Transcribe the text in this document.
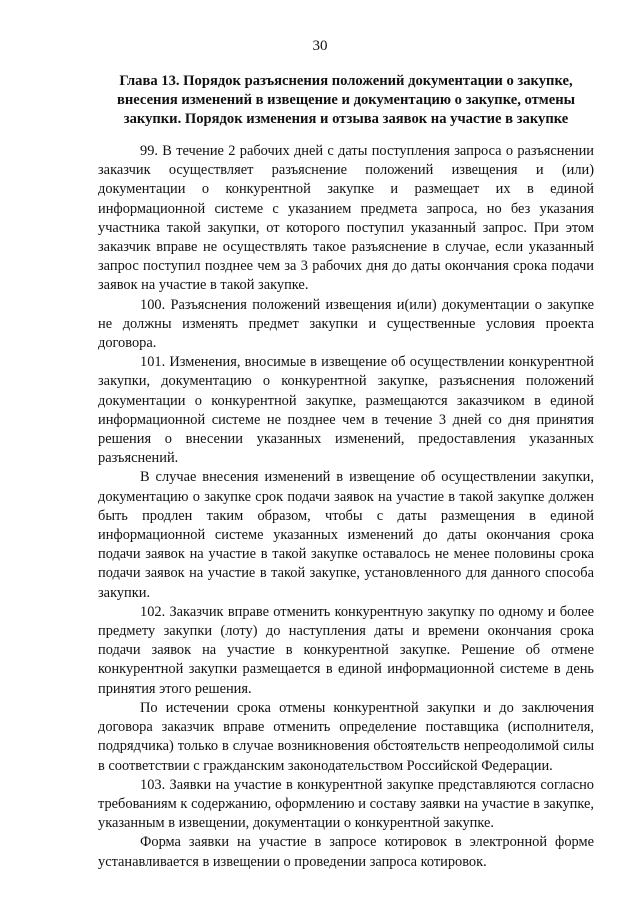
30
Глава 13. Порядок разъяснения положений документации о закупке, внесения изменений в извещение и документацию о закупке, отмены закупки. Порядок изменения и отзыва заявок на участие в закупке

99. В течение 2 рабочих дней с даты поступления запроса о разъяснении заказчик осуществляет разъяснение положений извещения и (или) документации о конкурентной закупке и размещает их в единой информационной системе с указанием предмета запроса, но без указания участника такой закупки, от которого поступил указанный запрос. При этом заказчик вправе не осуществлять такое разъяснение в случае, если указанный запрос поступил позднее чем за 3 рабочих дня до даты окончания срока подачи заявок на участие в такой закупке.

100. Разъяснения положений извещения и(или) документации о закупке не должны изменять предмет закупки и существенные условия проекта договора.

101. Изменения, вносимые в извещение об осуществлении конкурентной закупки, документацию о конкурентной закупке, разъяснения положений документации о конкурентной закупке, размещаются заказчиком в единой информационной системе не позднее чем в течение 3 дней со дня принятия решения о внесении указанных изменений, предоставления указанных разъяснений.

В случае внесения изменений в извещение об осуществлении закупки, документацию о закупке срок подачи заявок на участие в такой закупке должен быть продлен таким образом, чтобы с даты размещения в единой информационной системе указанных изменений до даты окончания срока подачи заявок на участие в такой закупке оставалось не менее половины срока подачи заявок на участие в такой закупке, установленного для данного способа закупки.

102. Заказчик вправе отменить конкурентную закупку по одному и более предмету закупки (лоту) до наступления даты и времени окончания срока подачи заявок на участие в конкурентной закупке. Решение об отмене конкурентной закупки размещается в единой информационной системе в день принятия этого решения.

По истечении срока отмены конкурентной закупки и до заключения договора заказчик вправе отменить определение поставщика (исполнителя, подрядчика) только в случае возникновения обстоятельств непреодолимой силы в соответствии с гражданским законодательством Российской Федерации.

103. Заявки на участие в конкурентной закупке представляются согласно требованиям к содержанию, оформлению и составу заявки на участие в закупке, указанным в извещении, документации о конкурентной закупке.

Форма заявки на участие в запросе котировок в электронной форме устанавливается в извещении о проведении запроса котировок.
